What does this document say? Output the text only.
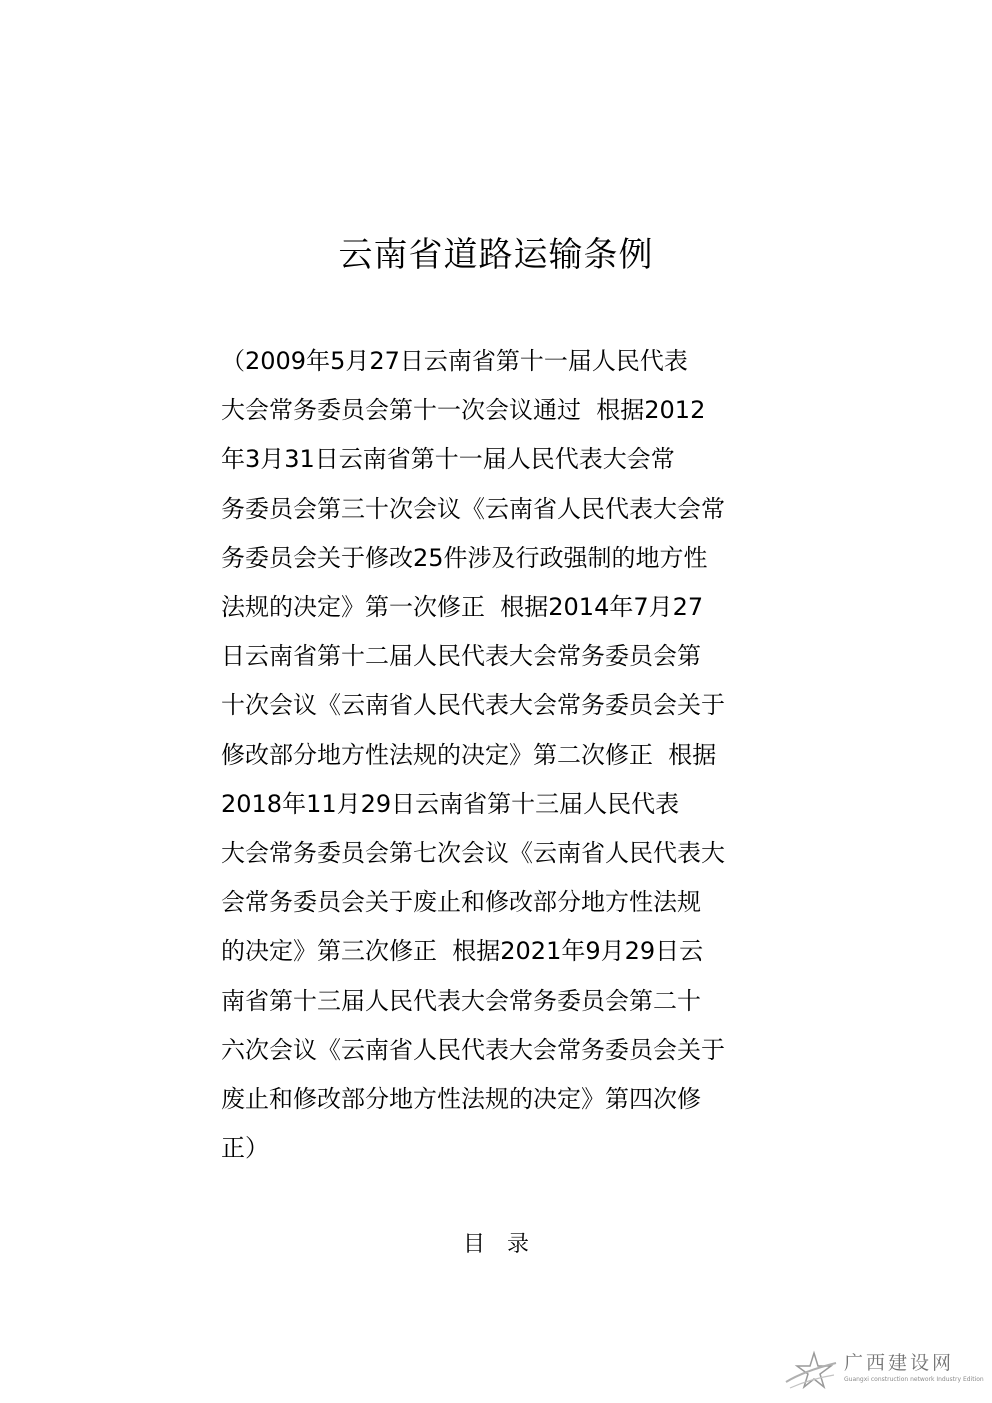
云南省道路运输条例
（2009年5月27日云南省第十一届人民代表
大会常务委员会第十一次会议通过  根据2012
年3月31日云南省第十一届人民代表大会常
务委员会第三十次会议《云南省人民代表大会常
务委员会关于修改25件涉及行政强制的地方性
法规的决定》第一次修正  根据2014年7月27
日云南省第十二届人民代表大会常务委员会第
十次会议《云南省人民代表大会常务委员会关于
修改部分地方性法规的决定》第二次修正  根据
2018年11月29日云南省第十三届人民代表
大会常务委员会第七次会议《云南省人民代表大
会常务委员会关于废止和修改部分地方性法规
的决定》第三次修正  根据2021年9月29日云
南省第十三届人民代表大会常务委员会第二十
六次会议《云南省人民代表大会常务委员会关于
废止和修改部分地方性法规的决定》第四次修
正）
目录
广西建设网
Guangxi construction network Industry Edition
